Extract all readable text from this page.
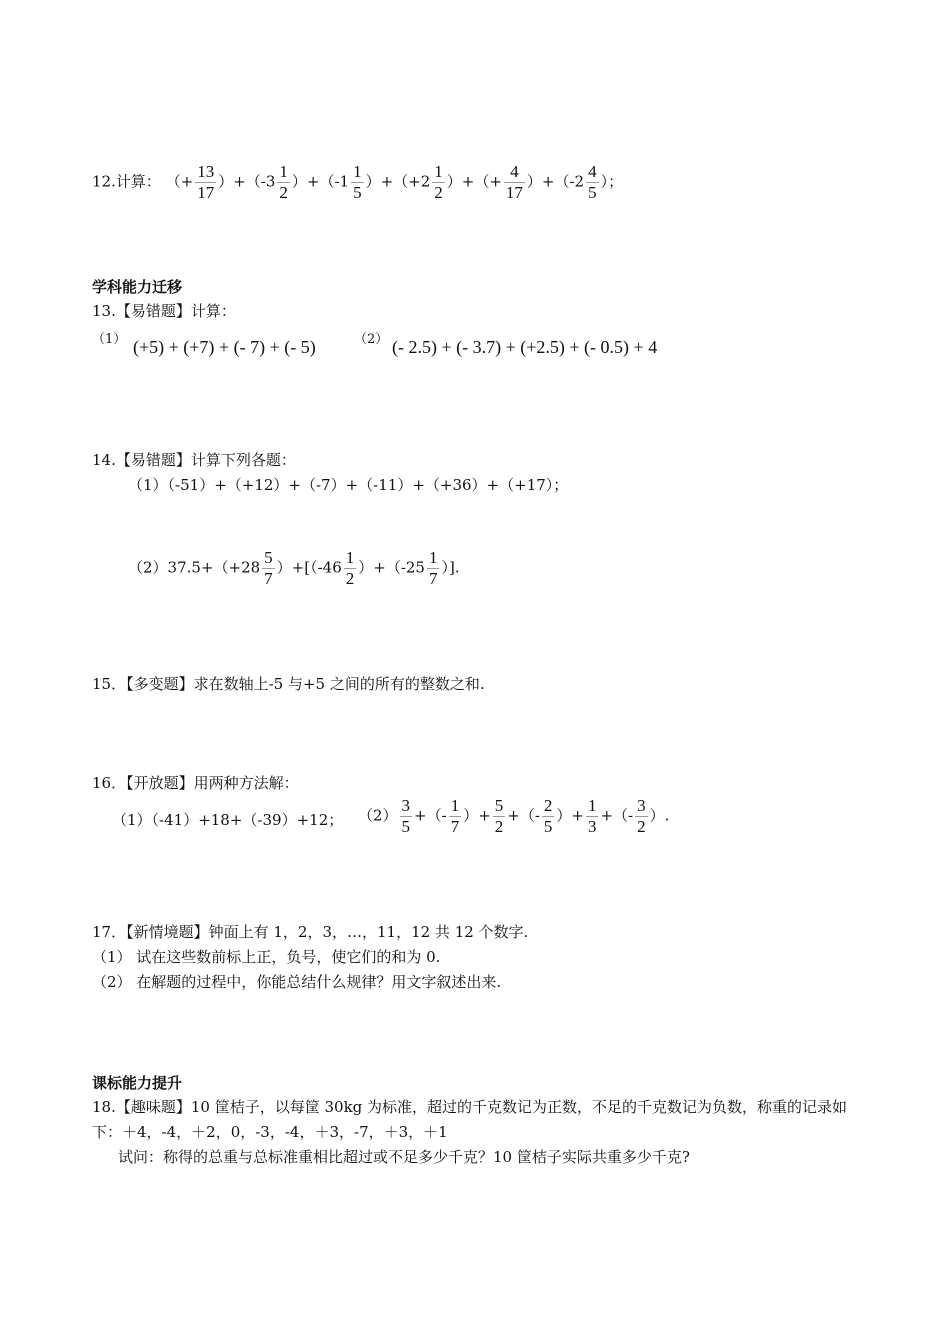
12.计算： （+ $\frac{13}{17} )+(-3 \frac{1}{2} )+(-1 \frac{1}{5} )+(+2 \frac{1}{2}$ ）+（+ $\frac{4}{17} )+(-2 \frac{4}{5}$ ）；
学科能力迁移
13.【易错题】计算：
（1） (+5) + (+7) + (- 7) + (- 5)	（2） (- 2.5) + (- 3.7) + (+2.5) + (- 0.5) + 4
14.【易错题】计算下列各题：
（1）（-51）+（+12）+（-7）+（-11）+（+36）+（+17）；
$(2)37.5+(+28 \frac{5}{7} )+[(-46 \frac{1}{2} )+(-25 \frac{1}{7}$ ）].
15．【多变题】求在数轴上-5 与+5 之间的所有的整数之和.
16．【开放题】用两种方法解：
（1）（-41）+18+（-39）+12； $(2) \frac{3}{5}$ +（- $\frac{1}{7}$ ）+ $\frac{5}{2}$ +（- $\frac{2}{5}$ ）+ $\frac{1}{3}$ +（- $\frac{3}{2}$ ）.
17．【新情境题】钟面上有 1，2，3，…，11，12 共 12 个数字.
（1） 试在这些数前标上正，负号，使它们的和为 0.
（2） 在解题的过程中，你能总结什么规律？用文字叙述出来.
课标能力提升
18.【趣味题】10 筐桔子，以每筐 30kg 为标准，超过的千克数记为正数，不足的千克数记为负数，称重的记录如下：＋4，-4，＋2，0，-3，-4，＋3，-7，＋3，＋1
试问：称得的总重与总标准重相比超过或不足多少千克？10 筐桔子实际共重多少千克?
